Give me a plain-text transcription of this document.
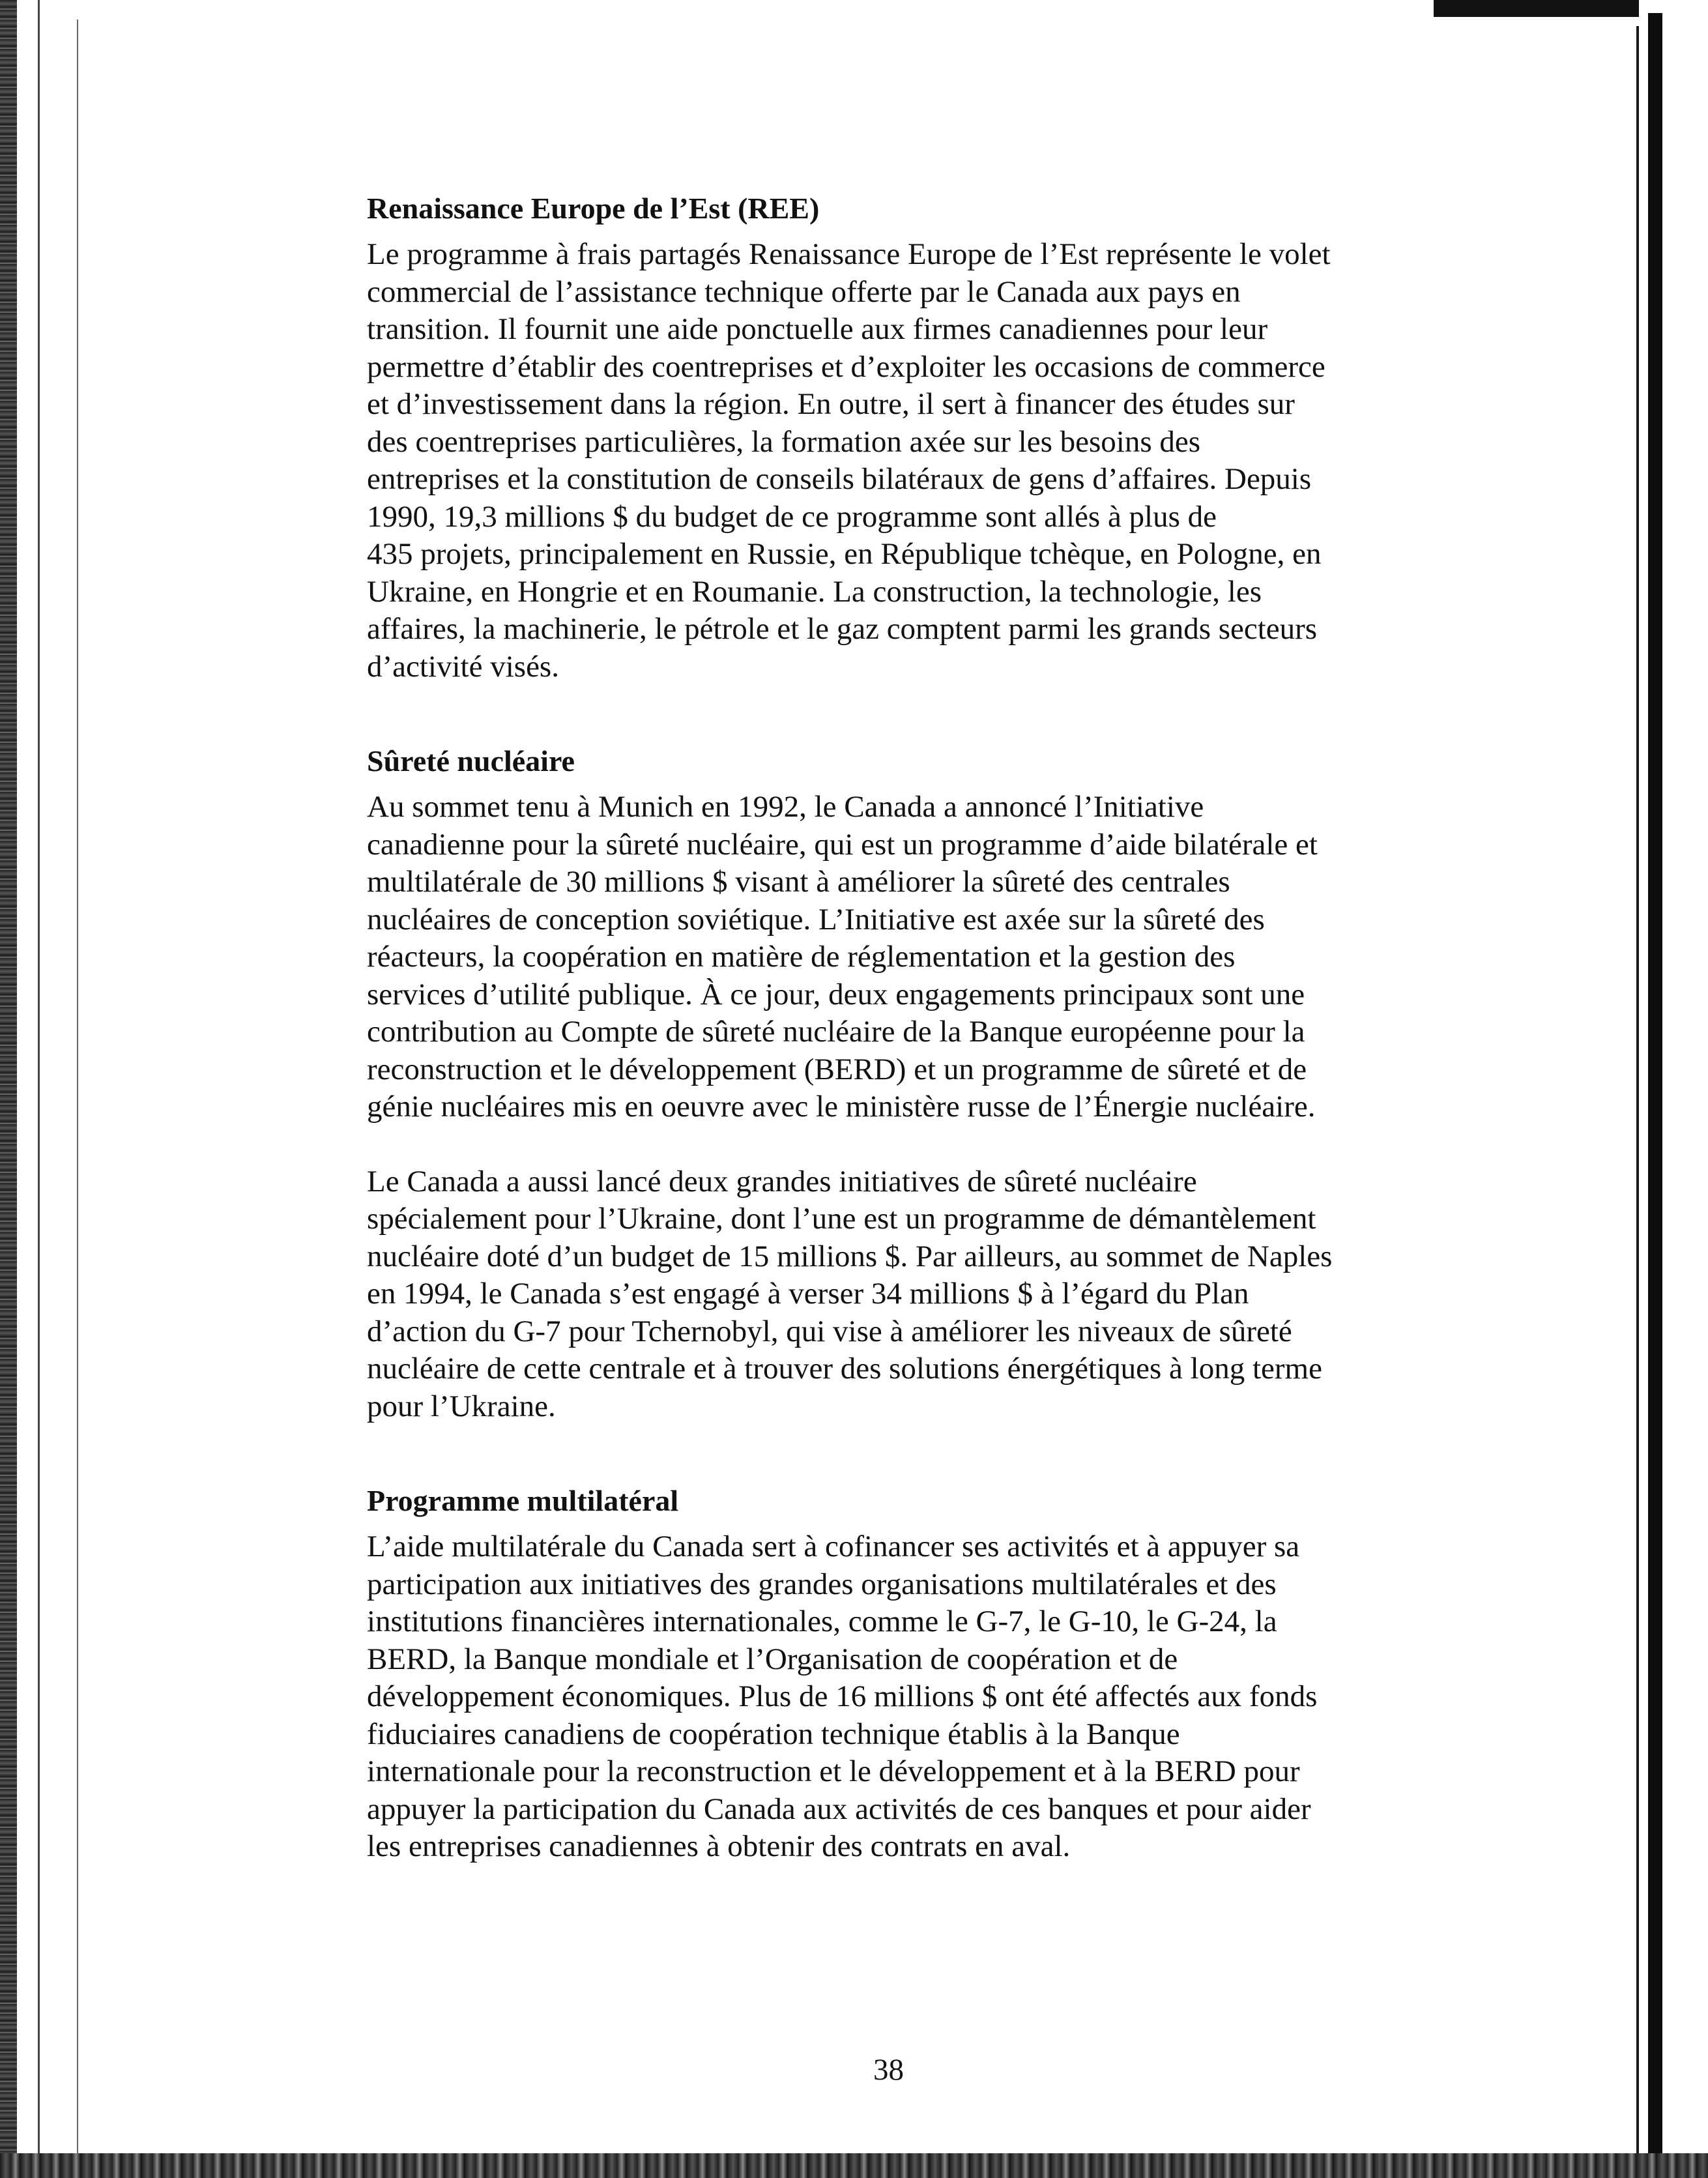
Renaissance Europe de l’Est (REE)

Le programme à frais partagés Renaissance Europe de l’Est représente le volet
commercial de l’assistance technique offerte par le Canada aux pays en
transition. Il fournit une aide ponctuelle aux firmes canadiennes pour leur
permettre d’établir des coentreprises et d’exploiter les occasions de commerce
et d’investissement dans la région. En outre, il sert à financer des études sur
des coentreprises particulières, la formation axée sur les besoins des
entreprises et la constitution de conseils bilatéraux de gens d’affaires. Depuis
1990, 19,3 millions $ du budget de ce programme sont allés à plus de
435 projets, principalement en Russie, en République tchèque, en Pologne, en
Ukraine, en Hongrie et en Roumanie. La construction, la technologie, les
affaires, la machinerie, le pétrole et le gaz comptent parmi les grands secteurs
d’activité visés.

Sûreté nucléaire

Au sommet tenu à Munich en 1992, le Canada a annoncé l’Initiative
canadienne pour la sûreté nucléaire, qui est un programme d’aide bilatérale et
multilatérale de 30 millions $ visant à améliorer la sûreté des centrales
nucléaires de conception soviétique. L’Initiative est axée sur la sûreté des
réacteurs, la coopération en matière de réglementation et la gestion des
services d’utilité publique. À ce jour, deux engagements principaux sont une
contribution au Compte de sûreté nucléaire de la Banque européenne pour la
reconstruction et le développement (BERD) et un programme de sûreté et de
génie nucléaires mis en oeuvre avec le ministère russe de l’Énergie nucléaire.

Le Canada a aussi lancé deux grandes initiatives de sûreté nucléaire
spécialement pour l’Ukraine, dont l’une est un programme de démantèlement
nucléaire doté d’un budget de 15 millions $. Par ailleurs, au sommet de Naples
en 1994, le Canada s’est engagé à verser 34 millions $ à l’égard du Plan
d’action du G-7 pour Tchernobyl, qui vise à améliorer les niveaux de sûreté
nucléaire de cette centrale et à trouver des solutions énergétiques à long terme
pour l’Ukraine.

Programme multilatéral

L’aide multilatérale du Canada sert à cofinancer ses activités et à appuyer sa
participation aux initiatives des grandes organisations multilatérales et des
institutions financières internationales, comme le G-7, le G-10, le G-24, la
BERD, la Banque mondiale et l’Organisation de coopération et de
développement économiques. Plus de 16 millions $ ont été affectés aux fonds
fiduciaires canadiens de coopération technique établis à la Banque
internationale pour la reconstruction et le développement et à la BERD pour
appuyer la participation du Canada aux activités de ces banques et pour aider
les entreprises canadiennes à obtenir des contrats en aval.

38
